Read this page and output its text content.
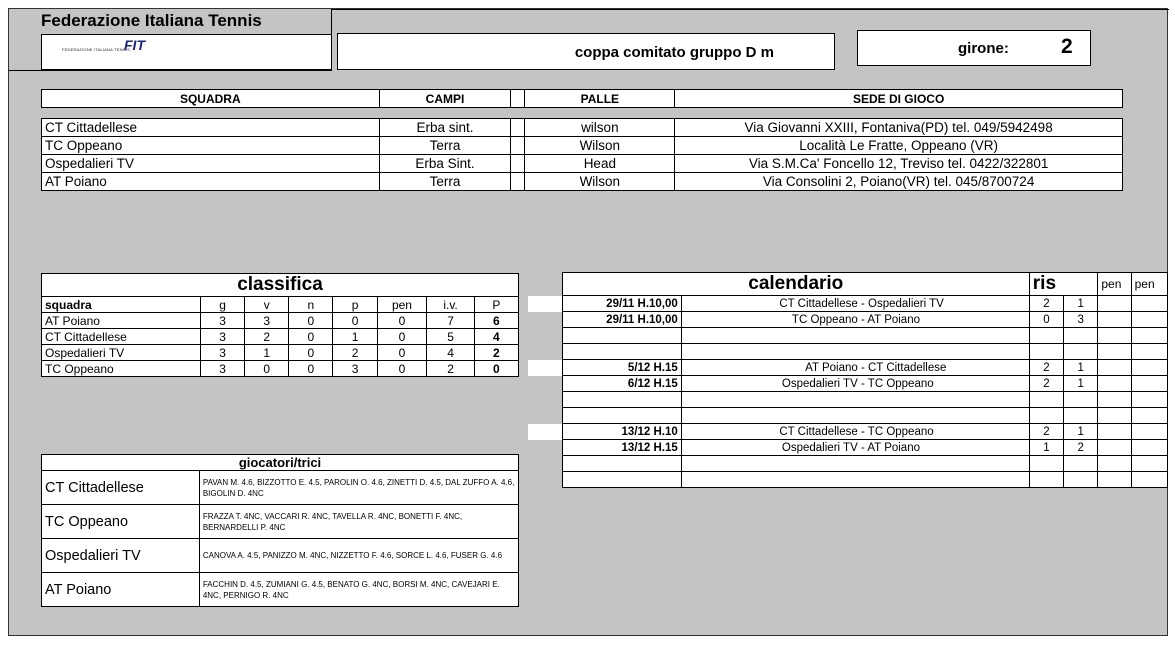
Federazione Italiana Tennis
FIT
FEDERAZIONE ITALIANA TENNIS	coppa comitato gruppo D m	girone: 2
SQUADRA	CAMPI		PALLE	SEDE DI GIOCO

CT Cittadellese	Erba sint.		wilson	Via Giovanni XXIII, Fontaniva(PD) tel. 049/5942498
TC Oppeano	Terra		Wilson	Località Le Fratte, Oppeano (VR)
Ospedalieri TV	Erba Sint.		Head	Via S.M.Ca' Foncello 12, Treviso tel. 0422/322801
AT Poiano	Terra		Wilson	Via Consolini 2, Poiano(VR) tel. 045/8700724
classifica							
squadra	g	v	n	p	pen	i.v.	P
AT Poiano	3	3	0	0	0	7	6
CT Cittadellese	3	2	0	1	0	5	4
Ospedalieri TV	3	1	0	2	0	4	2
TC Oppeano	3	0	0	3	0	2	0
	calendario		ris		pen	pen
	29/11 H.10,00	CT Cittadellese - Ospedalieri TV	2	1		
	29/11 H.10,00	TC Oppeano - AT Poiano	0	3		

	5/12 H.15	AT Poiano - CT Cittadellese	2	1		
	6/12 H.15	Ospedalieri TV - TC Oppeano	2	1		

	13/12 H.10	CT Cittadellese - TC Oppeano	2	1		
	13/12 H.15	Ospedalieri TV - AT Poiano	1	2		

giocatori/trici	
CT Cittadellese	PAVAN M. 4.6, BIZZOTTO E. 4.5, PAROLIN O. 4.6, ZINETTI D. 4.5, DAL ZUFFO A. 4.6, BIGOLIN D. 4NC
TC Oppeano	FRAZZA T. 4NC, VACCARI R. 4NC, TAVELLA R. 4NC, BONETTI F. 4NC, BERNARDELLI P. 4NC
Ospedalieri TV	CANOVA A. 4.5, PANIZZO M. 4NC, NIZZETTO F. 4.6, SORCE L. 4.6, FUSER G. 4.6
AT Poiano	FACCHIN D. 4.5, ZUMIANI G. 4.5, BENATO G. 4NC, BORSI M. 4NC, CAVEJARI E. 4NC, PERNIGO R. 4NC
